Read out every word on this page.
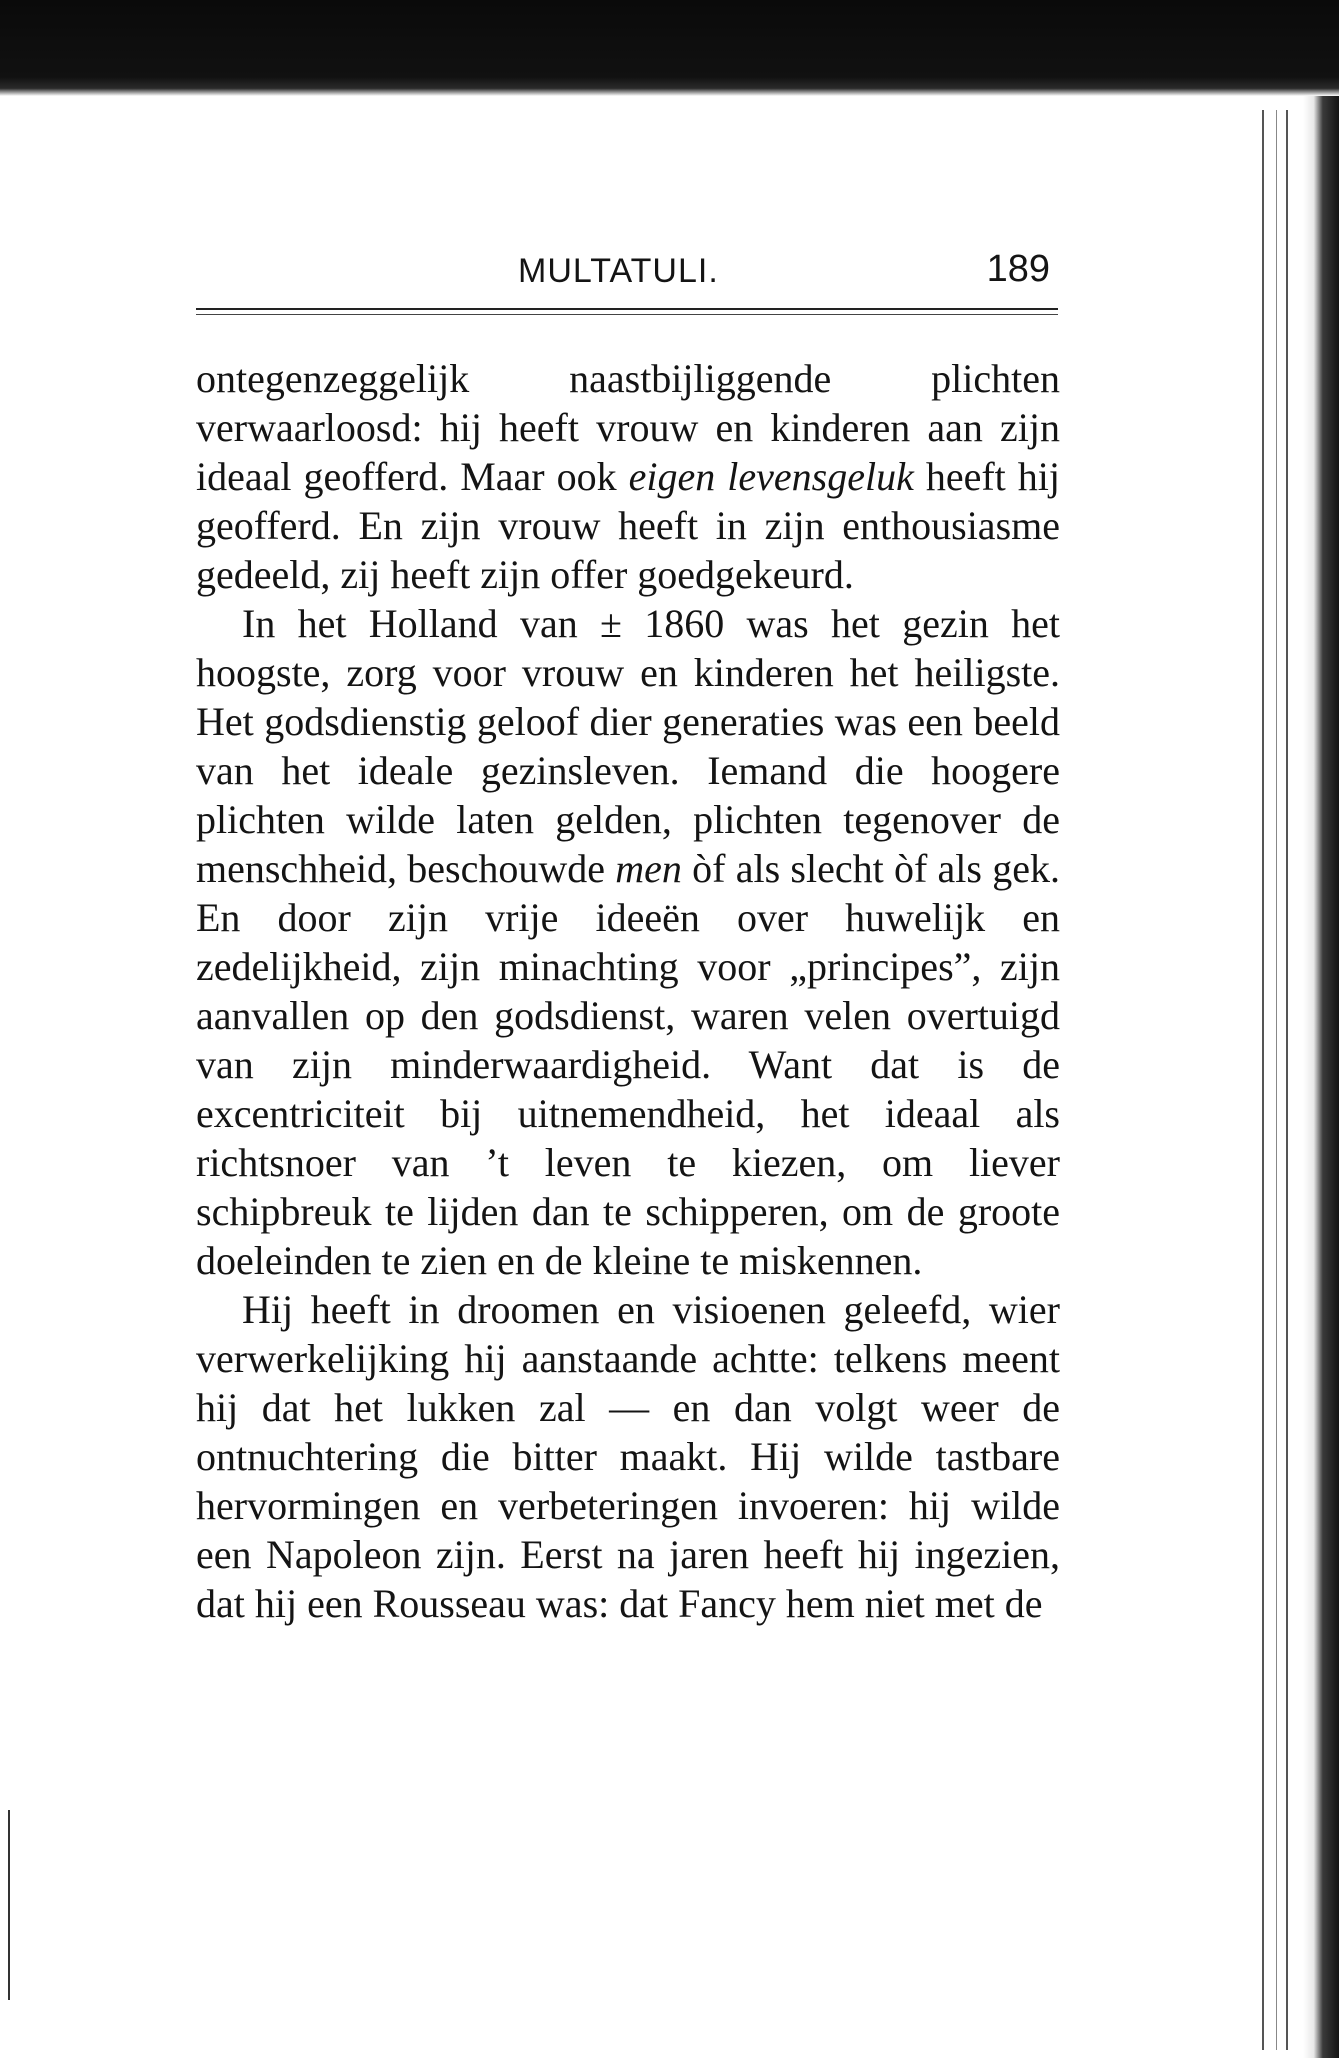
MULTATULI.	189

ontegenzeggelijk naastbijliggende plichten verwaarloosd: hij heeft vrouw en kinderen aan zijn ideaal geofferd. Maar ook eigen levensgeluk heeft hij geofferd. En zijn vrouw heeft in zijn enthousiasme gedeeld, zij heeft zijn offer goedgekeurd.

In het Holland van ± 1860 was het gezin het hoogste, zorg voor vrouw en kinderen het heiligste. Het godsdienstig geloof dier generaties was een beeld van het ideale gezinsleven. Iemand die hoogere plichten wilde laten gelden, plichten tegenover de menschheid, beschouwde men òf als slecht òf als gek. En door zijn vrije ideeën over huwelijk en zedelijkheid, zijn minachting voor „principes”, zijn aanvallen op den godsdienst, waren velen overtuigd van zijn minderwaardigheid. Want dat is de excentriciteit bij uitnemendheid, het ideaal als richtsnoer van ’t leven te kiezen, om liever schipbreuk te lijden dan te schipperen, om de groote doeleinden te zien en de kleine te miskennen.

Hij heeft in droomen en visioenen geleefd, wier verwerkelijking hij aanstaande achtte: telkens meent hij dat het lukken zal — en dan volgt weer de ontnuchtering die bitter maakt. Hij wilde tastbare hervormingen en verbeteringen invoeren: hij wilde een Napoleon zijn. Eerst na jaren heeft hij ingezien, dat hij een Rousseau was: dat Fancy hem niet met de
